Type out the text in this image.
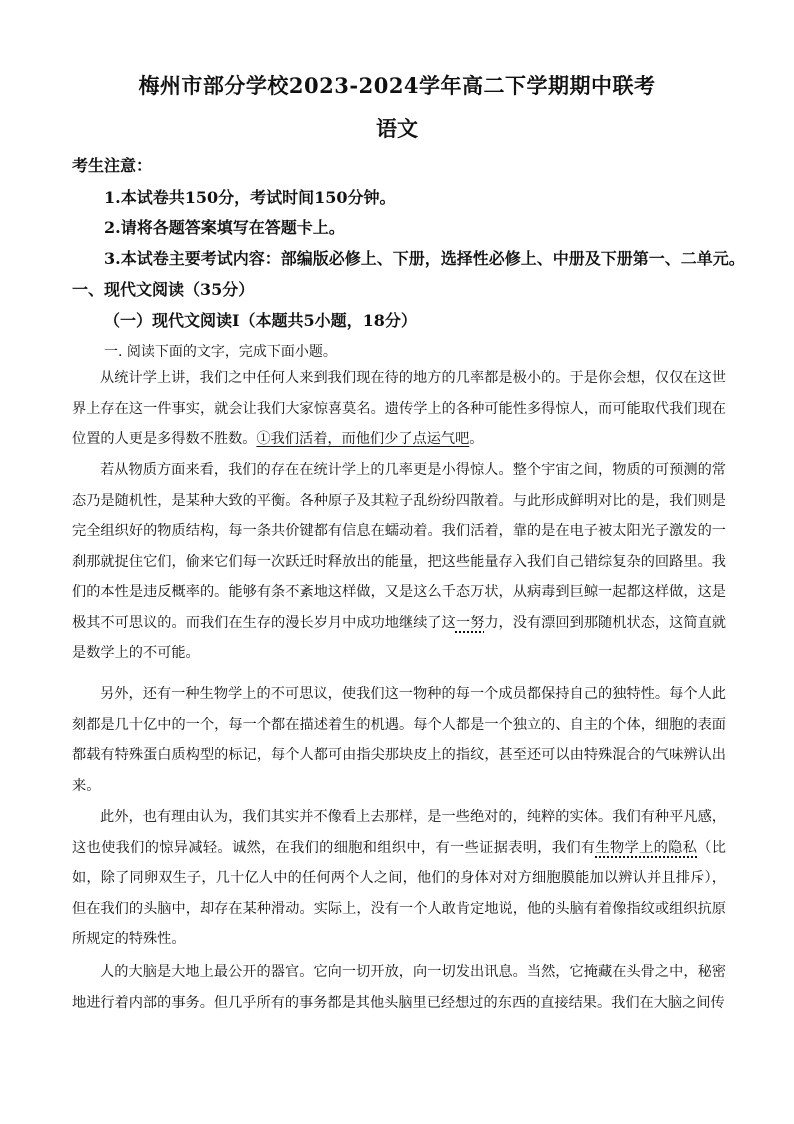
梅州市部分学校2023-2024学年高二下学期期中联考
语文
考生注意：
1.本试卷共150分，考试时间150分钟。
2.请将各题答案填写在答题卡上。
3.本试卷主要考试内容：部编版必修上、下册，选择性必修上、中册及下册第一、二单元。
一、现代文阅读（35分）
（一）现代文阅读Ⅰ（本题共5小题，18分）
一. 阅读下面的文字，完成下面小题。

从统计学上讲，我们之中任何人来到我们现在待的地方的几率都是极小的。于是你会想，仅仅在这世界上存在这一件事实，就会让我们大家惊喜莫名。遗传学上的各种可能性多得惊人，而可能取代我们现在位置的人更是多得数不胜数。①我们活着，而他们少了点运气吧。

若从物质方面来看，我们的存在在统计学上的几率更是小得惊人。整个宇宙之间，物质的可预测的常态乃是随机性，是某种大致的平衡。各种原子及其粒子乱纷纷四散着。与此形成鲜明对比的是，我们则是完全组织好的物质结构，每一条共价键都有信息在蠕动着。我们活着，靠的是在电子被太阳光子激发的一刹那就捉住它们，偷来它们每一次跃迁时释放出的能量，把这些能量存入我们自己错综复杂的回路里。我们的本性是违反概率的。能够有条不紊地这样做，又是这么千态万状，从病毒到巨鲸一起都这样做，这是极其不可思议的。而我们在生存的漫长岁月中成功地继续了这一努力，没有漂回到那随机状态，这简直就是数学上的不可能。

另外，还有一种生物学上的不可思议，使我们这一物种的每一个成员都保持自己的独特性。每个人此刻都是几十亿中的一个，每一个都在描述着生的机遇。每个人都是一个独立的、自主的个体，细胞的表面都载有特殊蛋白质构型的标记，每个人都可由指尖那块皮上的指纹，甚至还可以由特殊混合的气味辨认出来。

此外，也有理由认为，我们其实并不像看上去那样，是一些绝对的，纯粹的实体。我们有种平凡感，这也使我们的惊异减轻。诚然，在我们的细胞和组织中，有一些证据表明，我们有生物学上的隐私（比如，除了同卵双生子，几十亿人中的任何两个人之间，他们的身体对对方细胞膜能加以辨认并且排斥），但在我们的头脑中，却存在某种滑动。实际上，没有一个人敢肯定地说，他的头脑有着像指纹或组织抗原所规定的特殊性。

人的大脑是大地上最公开的器官。它向一切开放，向一切发出讯息。当然，它掩藏在头骨之中，秘密地进行着内部的事务。但几乎所有的事务都是其他头脑里已经想过的东西的直接结果。我们在大脑之间传
